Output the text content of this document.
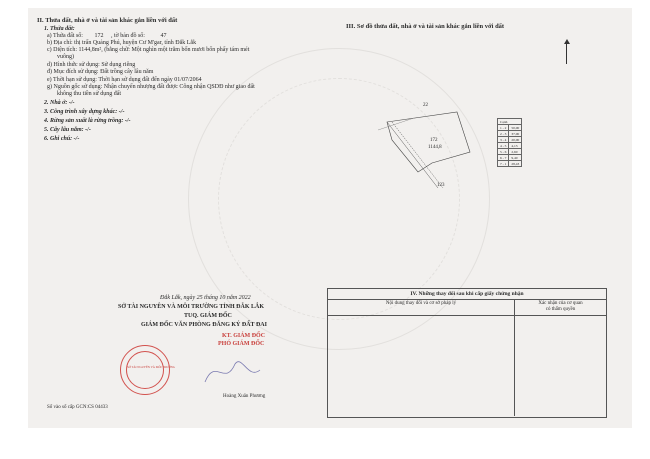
II. Thửa đất, nhà ở và tài sản khác gắn liền với đất
1. Thửa đất:
a) Thửa đất số: 172 , tờ bản đồ số:	47
b) Địa chỉ: thị trấn Quảng Phú, huyện Cư M'gar, tỉnh Đắk Lắk
c) Diện tích: 1144,8m², (bằng chữ: Một nghìn một trăm bốn mươi bốn phẩy tám mét
vuông)
d) Hình thức sử dụng: Sử dụng riêng
đ) Mục đích sử dụng: Đất trồng cây lâu năm
e) Thời hạn sử dụng: Thời hạn sử dụng đất đến ngày 01/07/2064
g) Nguồn gốc sử dụng: Nhận chuyển nhượng đất được Công nhận QSDĐ như giao đất
không thu tiền sử dụng đất
2. Nhà ở: -/-
3. Công trình xây dựng khác: -/-
4. Rừng sản xuất là rừng trồng: -/-
5. Cây lâu năm: -/-
6. Ghi chú: -/-
III. Sơ đồ thửa đất, nhà ở và tài sản khác gắn liền với đất
22
123
172
1144,8
Cạnh	
1 - 2	50,00
2 - 3	37,00
3 - 4	20,00
4 - 5	4,13
5 - 6	2,60
6 - 7	9,40
7 - 1	28,43
Đắk Lắk, ngày 25 tháng 10 năm 2022
SỞ TÀI NGUYÊN VÀ MÔI TRƯỜNG TỈNH ĐẮK LẮK
TUQ. GIÁM ĐỐC
GIÁM ĐỐC VĂN PHÒNG ĐĂNG KÝ ĐẤT ĐAI
KT. GIÁM ĐỐC
PHÓ GIÁM ĐỐC
SỞ TÀI NGUYÊN VÀ MÔI TRƯỜNG
Hoàng Xuân Phương
Số vào sổ cấp GCN:CS 04433
IV. Những thay đổi sau khi cấp giấy chứng nhận
Nội dung thay đổi và cơ sở pháp lý	Xác nhận của cơ quan
có thẩm quyền
